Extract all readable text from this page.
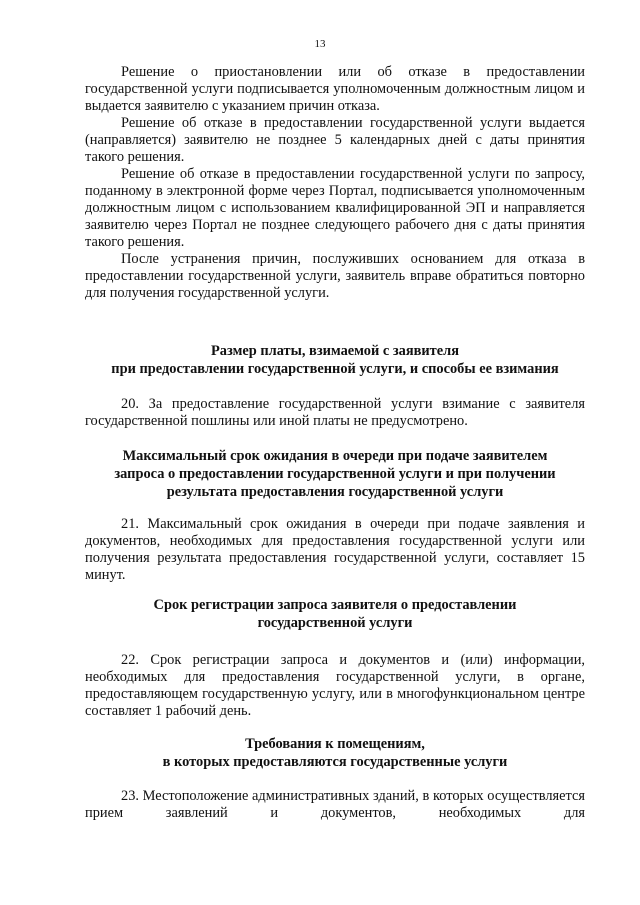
13

Решение о приостановлении или об отказе в предоставлении государственной услуги подписывается уполномоченным должностным лицом и выдается заявителю с указанием причин отказа.

Решение об отказе в предоставлении государственной услуги выдается (направляется) заявителю не позднее 5 календарных дней с даты принятия такого решения.

Решение об отказе в предоставлении государственной услуги по запросу, поданному в электронной форме через Портал, подписывается уполномоченным должностным лицом с использованием квалифицированной ЭП и направляется заявителю через Портал не позднее следующего рабочего дня с даты принятия такого решения.

После устранения причин, послуживших основанием для отказа в предоставлении государственной услуги, заявитель вправе обратиться повторно для получения государственной услуги.

Размер платы, взимаемой с заявителя
при предоставлении государственной услуги, и способы ее взимания

20. За предоставление государственной услуги взимание с заявителя государственной пошлины или иной платы не предусмотрено.

Максимальный срок ожидания в очереди при подаче заявителем
запроса о предоставлении государственной услуги и при получении
результата предоставления государственной услуги

21. Максимальный срок ожидания в очереди при подаче заявления и документов, необходимых для предоставления государственной услуги или получения результата предоставления государственной услуги, составляет 15 минут.

Срок регистрации запроса заявителя о предоставлении
государственной услуги

22. Срок регистрации запроса и документов и (или) информации, необходимых для предоставления государственной услуги, в органе, предоставляющем государственную услугу, или в многофункциональном центре составляет 1 рабочий день.

Требования к помещениям,
в которых предоставляются государственные услуги

23. Местоположение административных зданий, в которых осуществляется прием заявлений и документов, необходимых для
